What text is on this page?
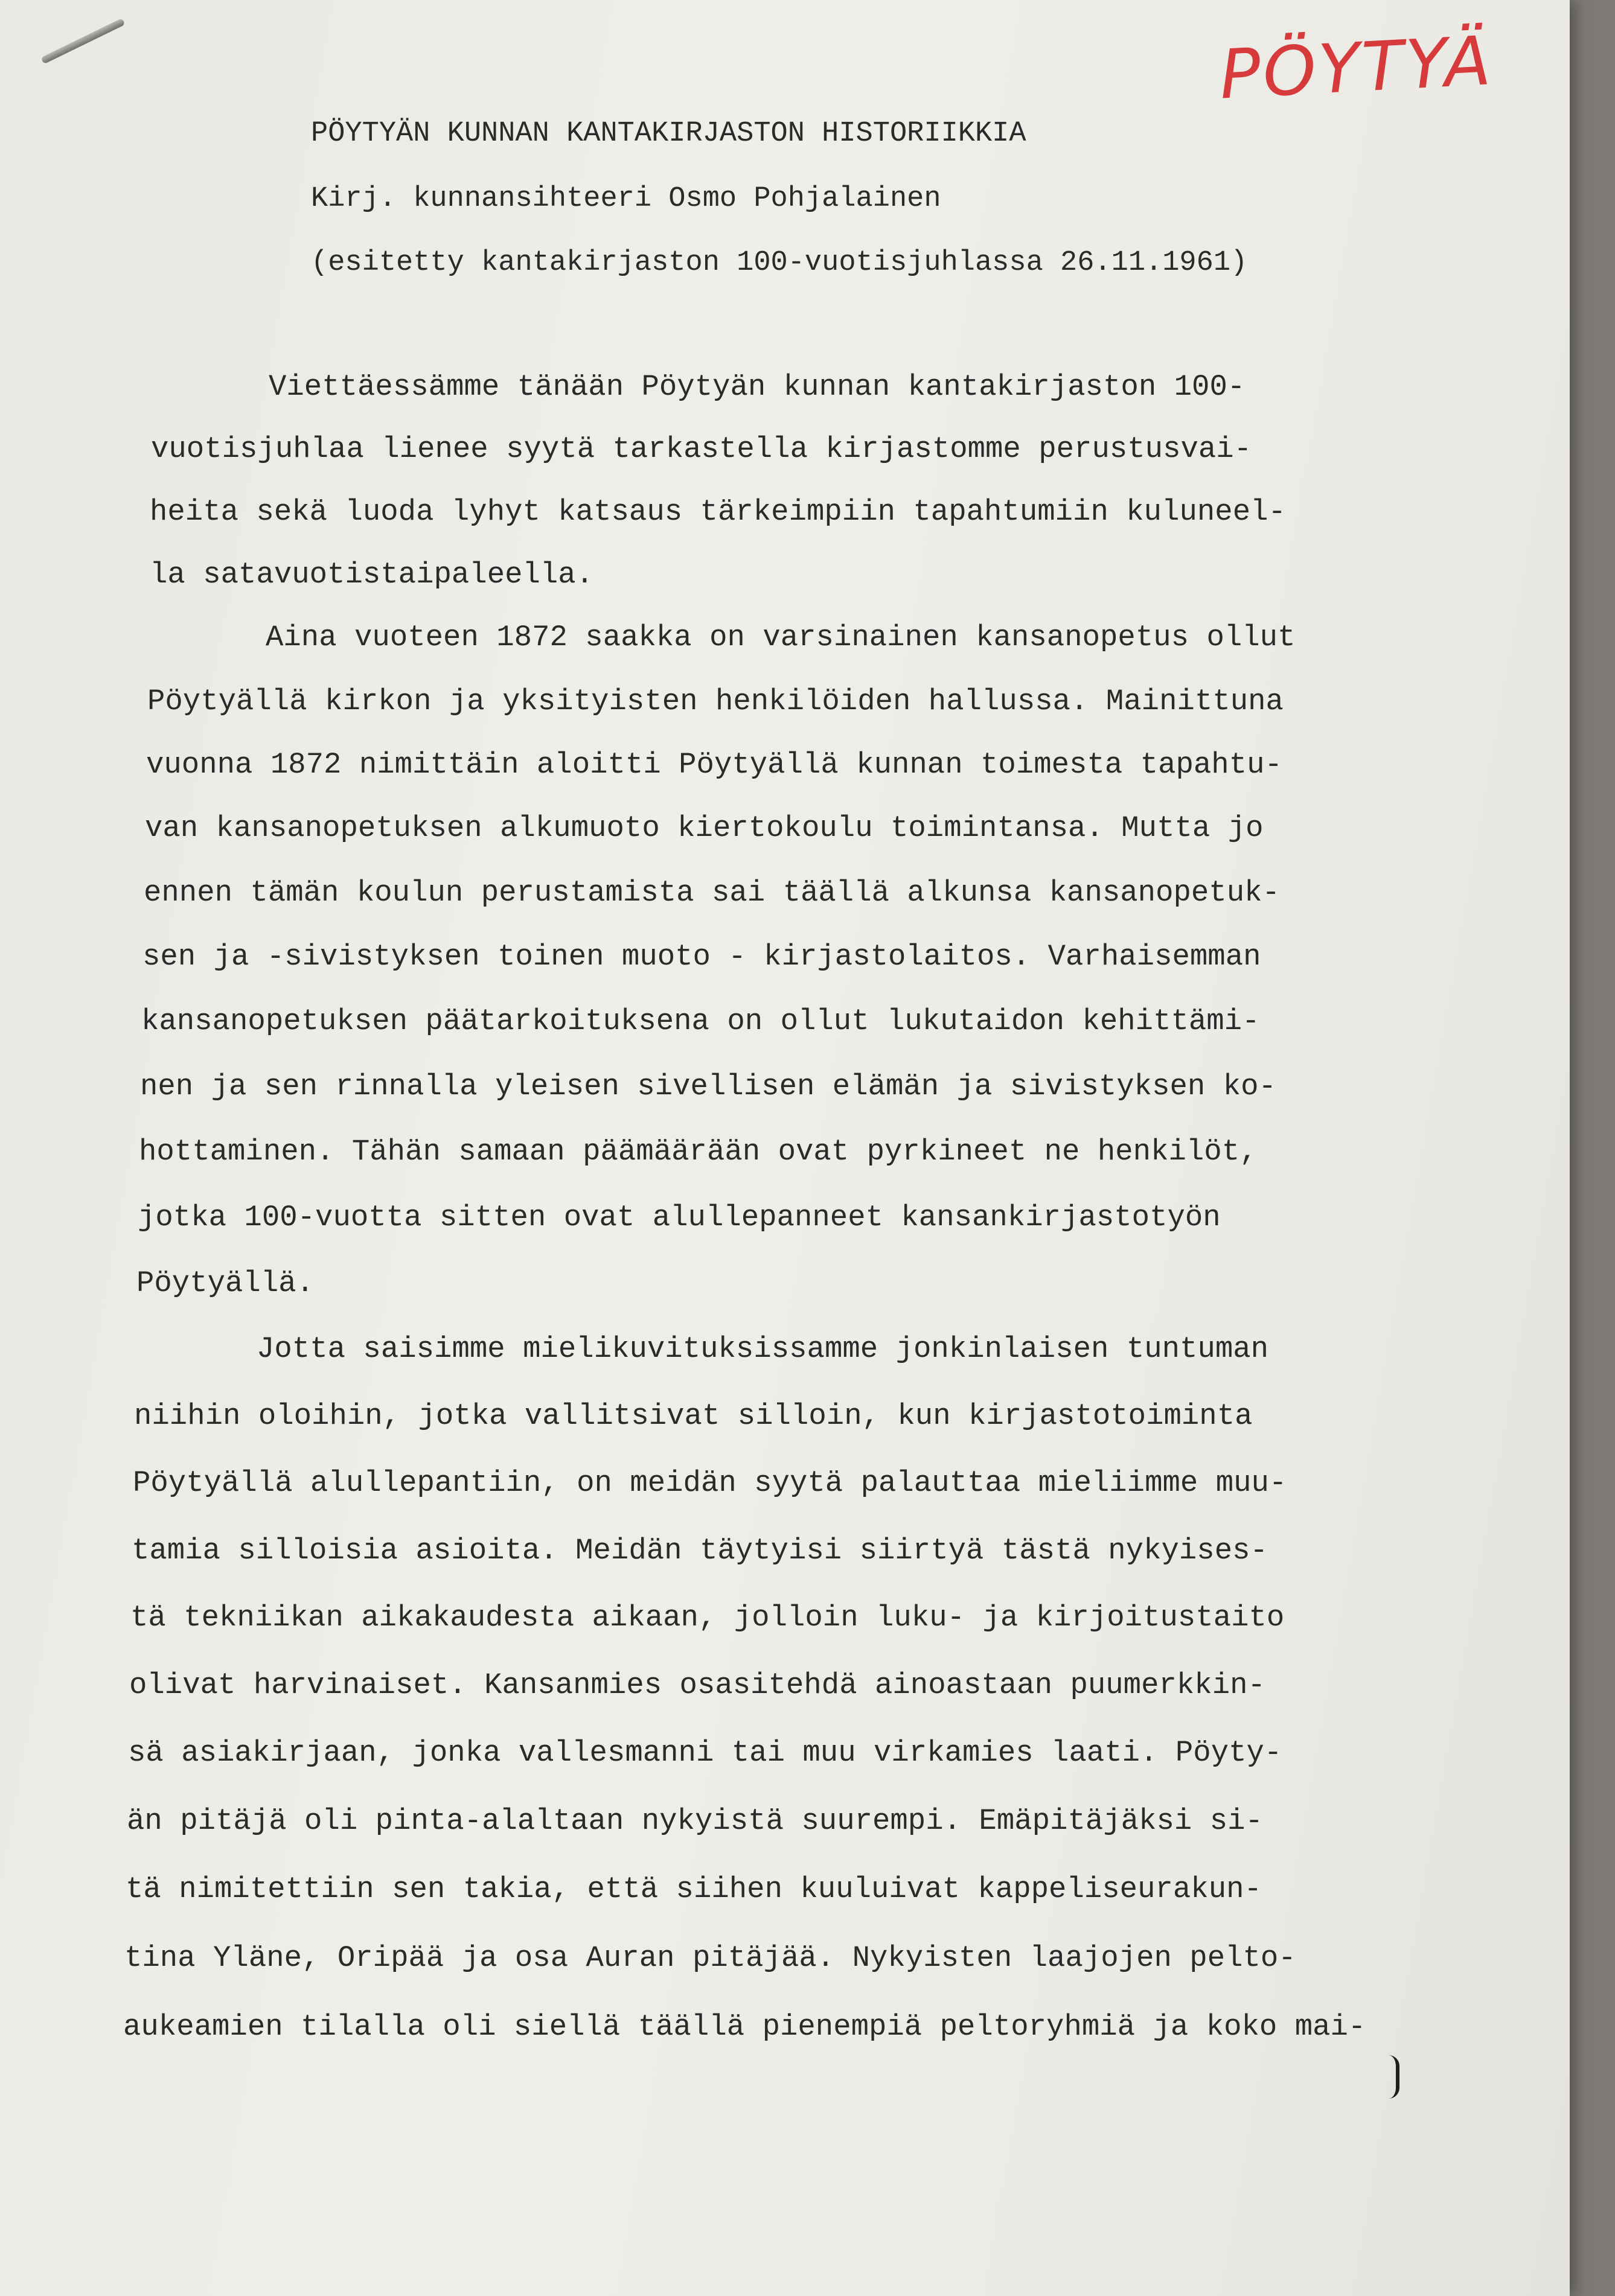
PÖYTYÄ
PÖYTYÄN KUNNAN KANTAKIRJASTON HISTORIIKKIA
Kirj. kunnansihteeri Osmo Pohjalainen
(esitetty kantakirjaston 100-vuotisjuhlassa 26.11.1961)
Viettäessämme tänään Pöytyän kunnan kantakirjaston 100-
vuotisjuhlaa lienee syytä tarkastella kirjastomme perustusvai-
heita sekä luoda lyhyt katsaus tärkeimpiin tapahtumiin kuluneel-
la satavuotistaipaleella.
Aina vuoteen 1872 saakka on varsinainen kansanopetus ollut
Pöytyällä kirkon ja yksityisten henkilöiden hallussa. Mainittuna
vuonna 1872 nimittäin aloitti Pöytyällä kunnan toimesta tapahtu-
van kansanopetuksen alkumuoto kiertokoulu toimintansa. Mutta jo
ennen tämän koulun perustamista sai täällä alkunsa kansanopetuk-
sen ja -sivistyksen toinen muoto - kirjastolaitos. Varhaisemman
kansanopetuksen päätarkoituksena on ollut lukutaidon kehittämi-
nen ja sen rinnalla yleisen sivellisen elämän ja sivistyksen ko-
hottaminen. Tähän samaan päämäärään ovat pyrkineet ne henkilöt,
jotka 100-vuotta sitten ovat alullepanneet kansankirjastotyön
Pöytyällä.
Jotta saisimme mielikuvituksissamme jonkinlaisen tuntuman
niihin oloihin, jotka vallitsivat silloin, kun kirjastotoiminta
Pöytyällä alullepantiin, on meidän syytä palauttaa mieliimme muu-
tamia silloisia asioita. Meidän täytyisi siirtyä tästä nykyises-
tä tekniikan aikakaudesta aikaan, jolloin luku- ja kirjoitustaito
olivat harvinaiset. Kansanmies osasitehdä ainoastaan puumerkkin-
sä asiakirjaan, jonka vallesmanni tai muu virkamies laati. Pöyty-
än pitäjä oli pinta-alaltaan nykyistä suurempi. Emäpitäjäksi si-
tä nimitettiin sen takia, että siihen kuuluivat kappeliseurakun-
tina Yläne, Oripää ja osa Auran pitäjää. Nykyisten laajojen pelto-
aukeamien tilalla oli siellä täällä pienempiä peltoryhmiä ja koko mai-
